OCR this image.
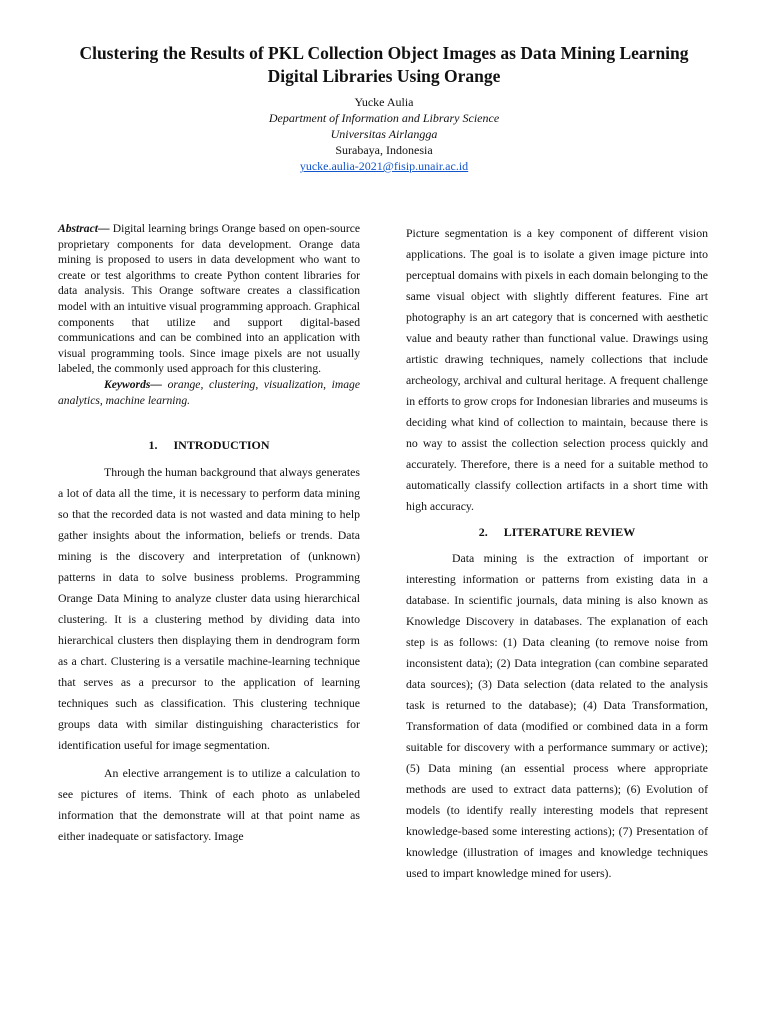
Clustering the Results of PKL Collection Object Images as Data Mining Learning
Digital Libraries Using Orange
Yucke Aulia
Department of Information and Library Science
Universitas Airlangga
Surabaya, Indonesia
yucke.aulia-2021@fisip.unair.ac.id

Abstract— Digital learning brings Orange based on open-source proprietary components for data development. Orange data mining is proposed to users in data development who want to create or test algorithms to create Python content libraries for data analysis. This Orange software creates a classification model with an intuitive visual programming approach. Graphical components that utilize and support digital-based communications and can be combined into an application with visual programming tools. Since image pixels are not usually labeled, the commonly used approach for this clustering.

Keywords— orange, clustering, visualization, image analytics, machine learning.

1. INTRODUCTION

Through the human background that always generates a lot of data all the time, it is necessary to perform data mining so that the recorded data is not wasted and data mining to help gather insights about the information, beliefs or trends. Data mining is the discovery and interpretation of (unknown) patterns in data to solve business problems. Programming Orange Data Mining to analyze cluster data using hierarchical clustering. It is a clustering method by dividing data into hierarchical clusters then displaying them in dendrogram form as a chart. Clustering is a versatile machine-learning technique that serves as a precursor to the application of learning techniques such as classification. This clustering technique groups data with similar distinguishing characteristics for identification useful for image segmentation.

An elective arrangement is to utilize a calculation to see pictures of items. Think of each photo as unlabeled information that the demonstrate will at that point name as either inadequate or satisfactory. Image

Picture segmentation is a key component of different vision applications. The goal is to isolate a given image picture into perceptual domains with pixels in each domain belonging to the same visual object with slightly different features. Fine art photography is an art category that is concerned with aesthetic value and beauty rather than functional value. Drawings using artistic drawing techniques, namely collections that include archeology, archival and cultural heritage. A frequent challenge in efforts to grow crops for Indonesian libraries and museums is deciding what kind of collection to maintain, because there is no way to assist the collection selection process quickly and accurately. Therefore, there is a need for a suitable method to automatically classify collection artifacts in a short time with high accuracy.

2. LITERATURE REVIEW

Data mining is the extraction of important or interesting information or patterns from existing data in a database. In scientific journals, data mining is also known as Knowledge Discovery in databases. The explanation of each step is as follows: (1) Data cleaning (to remove noise from inconsistent data); (2) Data integration (can combine separated data sources); (3) Data selection (data related to the analysis task is returned to the database); (4) Data Transformation, Transformation of data (modified or combined data in a form suitable for discovery with a performance summary or active); (5) Data mining (an essential process where appropriate methods are used to extract data patterns); (6) Evolution of models (to identify really interesting models that represent knowledge-based some interesting actions); (7) Presentation of knowledge (illustration of images and knowledge techniques used to impart knowledge mined for users).
